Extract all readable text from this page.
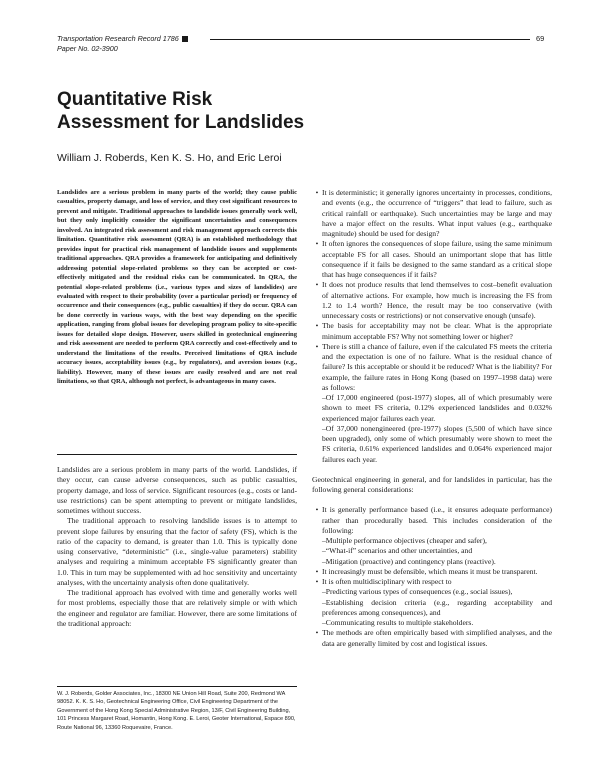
Transportation Research Record 1786
Paper No. 02-3900
69
Quantitative Risk
Assessment for Landslides
William J. Roberds, Ken K. S. Ho, and Eric Leroi
Landslides are a serious problem in many parts of the world; they cause public casualties, property damage, and loss of service, and they cost significant resources to prevent and mitigate. Traditional approaches to landslide issues generally work well, but they only implicitly consider the significant uncertainties and consequences involved. An integrated risk assessment and risk management approach corrects this limitation. Quantitative risk assessment (QRA) is an established methodology that provides input for practical risk management of landslide issues and supplements traditional approaches. QRA provides a framework for anticipating and definitively addressing potential slope-related problems so they can be accepted or cost-effectively mitigated and the residual risks can be communicated. In QRA, the potential slope-related problems (i.e., various types and sizes of landslides) are evaluated with respect to their probability (over a particular period) or frequency of occurrence and their consequences (e.g., public casualties) if they do occur. QRA can be done correctly in various ways, with the best way depending on the specific application, ranging from global issues for developing program policy to site-specific issues for detailed slope design. However, users skilled in geotechnical engineering and risk assessment are needed to perform QRA correctly and cost-effectively and to understand the limitations of the results. Perceived limitations of QRA include accuracy issues, acceptability issues (e.g., by regulators), and aversion issues (e.g., liability). However, many of these issues are easily resolved and are not real limitations, so that QRA, although not perfect, is advantageous in many cases.

Landslides are a serious problem in many parts of the world. Landslides, if they occur, can cause adverse consequences, such as public casualties, property damage, and loss of service. Significant resources (e.g., costs or land-use restrictions) can be spent attempting to prevent or mitigate landslides, sometimes without success.

The traditional approach to resolving landslide issues is to attempt to prevent slope failures by ensuring that the factor of safety (FS), which is the ratio of the capacity to demand, is greater than 1.0. This is typically done using conservative, “deterministic” (i.e., single-value parameters) stability analyses and requiring a minimum acceptable FS significantly greater than 1.0. This in turn may be supplemented with ad hoc sensitivity and uncertainty analyses, with the uncertainty analysis often done qualitatively.

The traditional approach has evolved with time and generally works well for most problems, especially those that are relatively simple or with which the engineer and regulator are familiar. However, there are some limitations of the traditional approach:

W. J. Roberds, Golder Associates, Inc., 18300 NE Union Hill Road, Suite 200, Redmond WA 98052. K. K. S. Ho, Geotechnical Engineering Office, Civil Engineering Department of the Government of the Hong Kong Special Administrative Region, 13/F, Civil Engineering Building, 101 Princess Margaret Road, Homantin, Hong Kong. E. Leroi, Geoter International, Espace 890, Route National 96, 13360 Roquevaire, France.
• It is deterministic; it generally ignores uncertainty in processes, conditions, and events (e.g., the occurrence of “triggers” that lead to failure, such as critical rainfall or earthquake). Such uncertainties may be large and may have a major effect on the results. What input values (e.g., earthquake magnitude) should be used for design?
• It often ignores the consequences of slope failure, using the same minimum acceptable FS for all cases. Should an unimportant slope that has little consequence if it fails be designed to the same standard as a critical slope that has huge consequences if it fails?
• It does not produce results that lend themselves to cost–benefit evaluation of alternative actions. For example, how much is increasing the FS from 1.2 to 1.4 worth? Hence, the result may be too conservative (with unnecessary costs or restrictions) or not conservative enough (unsafe).
• The basis for acceptability may not be clear. What is the appropriate minimum acceptable FS? Why not something lower or higher?
• There is still a chance of failure, even if the calculated FS meets the criteria and the expectation is one of no failure. What is the residual chance of failure? Is this acceptable or should it be reduced? What is the liability? For example, the failure rates in Hong Kong (based on 1997–1998 data) were as follows:

–Of 17,000 engineered (post-1977) slopes, all of which presumably were shown to meet FS criteria, 0.12% experienced landslides and 0.032% experienced major failures each year.

–Of 37,000 nonengineered (pre-1977) slopes (5,500 of which have since been upgraded), only some of which presumably were shown to meet the FS criteria, 0.61% experienced landslides and 0.064% experienced major failures each year.

Geotechnical engineering in general, and for landslides in particular, has the following general considerations:

• It is generally performance based (i.e., it ensures adequate performance) rather than procedurally based. This includes consideration of the following:

–Multiple performance objectives (cheaper and safer),

–“What-if” scenarios and other uncertainties, and

–Mitigation (proactive) and contingency plans (reactive).

• It increasingly must be defensible, which means it must be transparent.
• It is often multidisciplinary with respect to

–Predicting various types of consequences (e.g., social issues),

–Establishing decision criteria (e.g., regarding acceptability and preferences among consequences), and

–Communicating results to multiple stakeholders.

• The methods are often empirically based with simplified analyses, and the data are generally limited by cost and logistical issues.
